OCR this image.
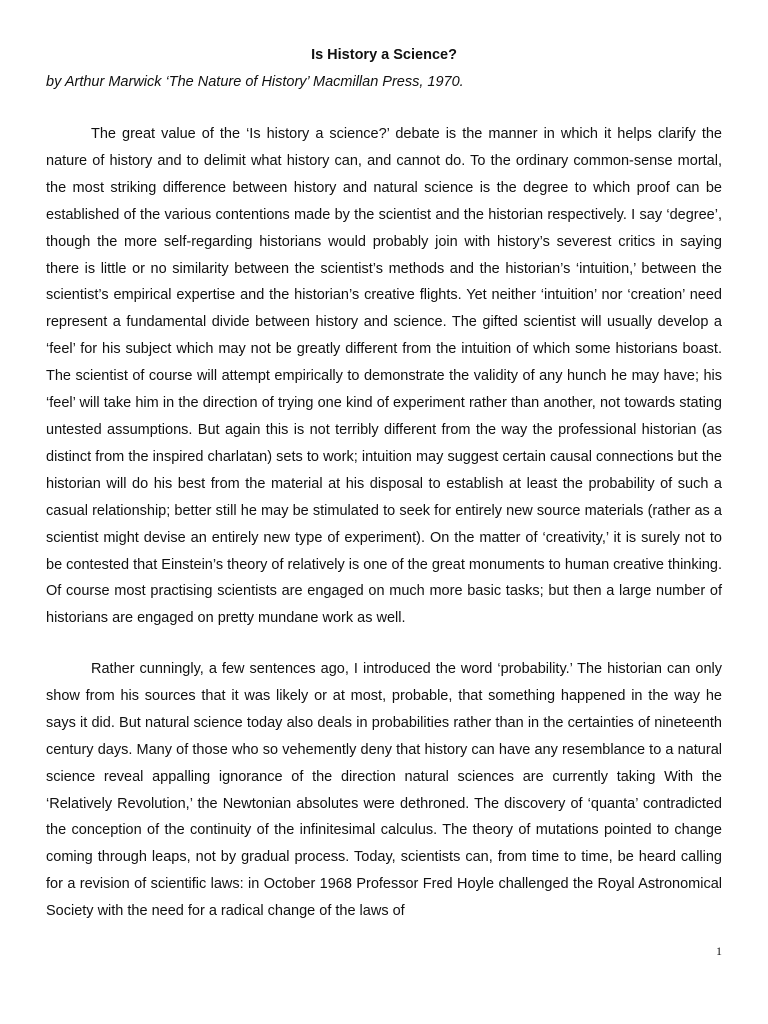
Is History a Science?
by Arthur Marwick ‘The Nature of History’ Macmillan Press, 1970.

The great value of the ‘Is history a science?’ debate is the manner in which it helps clarify the nature of history and to delimit what history can, and cannot do. To the ordinary common-sense mortal, the most striking difference between history and natural science is the degree to which proof can be established of the various contentions made by the scientist and the historian respectively. I say ‘degree’, though the more self-regarding historians would probably join with history’s severest critics in saying there is little or no similarity between the scientist’s methods and the historian’s ‘intuition,’ between the scientist’s empirical expertise and the historian’s creative flights. Yet neither ‘intuition’ nor ‘creation’ need represent a fundamental divide between history and science. The gifted scientist will usually develop a ‘feel’ for his subject which may not be greatly different from the intuition of which some historians boast. The scientist of course will attempt empirically to demonstrate the validity of any hunch he may have; his ‘feel’ will take him in the direction of trying one kind of experiment rather than another, not towards stating untested assumptions. But again this is not terribly different from the way the professional historian (as distinct from the inspired charlatan) sets to work; intuition may suggest certain causal connections but the historian will do his best from the material at his disposal to establish at least the probability of such a casual relationship; better still he may be stimulated to seek for entirely new source materials (rather as a scientist might devise an entirely new type of experiment). On the matter of ‘creativity,’ it is surely not to be contested that Einstein’s theory of relatively is one of the great monuments to human creative thinking. Of course most practising scientists are engaged on much more basic tasks; but then a large number of historians are engaged on pretty mundane work as well.

Rather cunningly, a few sentences ago, I introduced the word ‘probability.’ The historian can only show from his sources that it was likely or at most, probable, that something happened in the way he says it did. But natural science today also deals in probabilities rather than in the certainties of nineteenth century days. Many of those who so vehemently deny that history can have any resemblance to a natural science reveal appalling ignorance of the direction natural sciences are currently taking With the ‘Relatively Revolution,’ the Newtonian absolutes were dethroned. The discovery of ‘quanta’ contradicted the conception of the continuity of the infinitesimal calculus. The theory of mutations pointed to change coming through leaps, not by gradual process. Today, scientists can, from time to time, be heard calling for a revision of scientific laws: in October 1968 Professor Fred Hoyle challenged the Royal Astronomical Society with the need for a radical change of the laws of

1
